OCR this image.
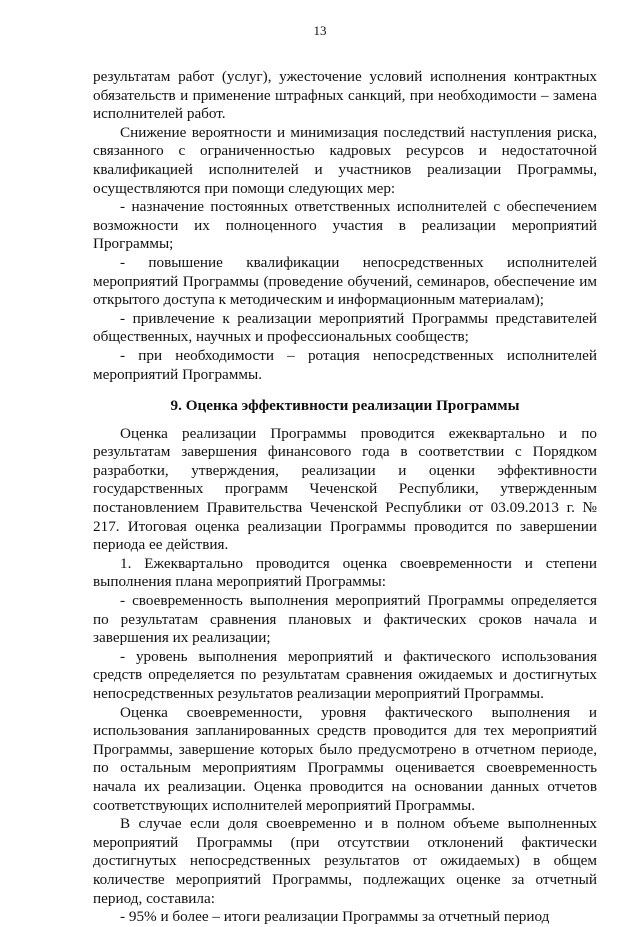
13

результатам работ (услуг), ужесточение условий исполнения контрактных обязательств и применение штрафных санкций, при необходимости – замена исполнителей работ.

Снижение вероятности и минимизация последствий наступления риска, связанного с ограниченностью кадровых ресурсов и недостаточной квалификацией исполнителей и участников реализации Программы, осуществляются при помощи следующих мер:

- назначение постоянных ответственных исполнителей с обеспечением возможности их полноценного участия в реализации мероприятий Программы;

- повышение квалификации непосредственных исполнителей мероприятий Программы (проведение обучений, семинаров, обеспечение им открытого доступа к методическим и информационным материалам);

- привлечение к реализации мероприятий Программы представителей общественных, научных и профессиональных сообществ;

- при необходимости – ротация непосредственных исполнителей мероприятий Программы.

9. Оценка эффективности реализации Программы

Оценка реализации Программы проводится ежеквартально и по результатам завершения финансового года в соответствии с Порядком разработки, утверждения, реализации и оценки эффективности государственных программ Чеченской Республики, утвержденным постановлением Правительства Чеченской Республики от 03.09.2013 г. № 217. Итоговая оценка реализации Программы проводится по завершении периода ее действия.

1. Ежеквартально проводится оценка своевременности и степени выполнения плана мероприятий Программы:

- своевременность выполнения мероприятий Программы определяется по результатам сравнения плановых и фактических сроков начала и завершения их реализации;

- уровень выполнения мероприятий и фактического использования средств определяется по результатам сравнения ожидаемых и достигнутых непосредственных результатов реализации мероприятий Программы.

Оценка своевременности, уровня фактического выполнения и использования запланированных средств проводится для тех мероприятий Программы, завершение которых было предусмотрено в отчетном периоде, по остальным мероприятиям Программы оценивается своевременность начала их реализации. Оценка проводится на основании данных отчетов соответствующих исполнителей мероприятий Программы.

В случае если доля своевременно и в полном объеме выполненных мероприятий Программы (при отсутствии отклонений фактически достигнутых непосредственных результатов от ожидаемых) в общем количестве мероприятий Программы, подлежащих оценке за отчетный период, составила:

- 95% и более – итоги реализации Программы за отчетный период
